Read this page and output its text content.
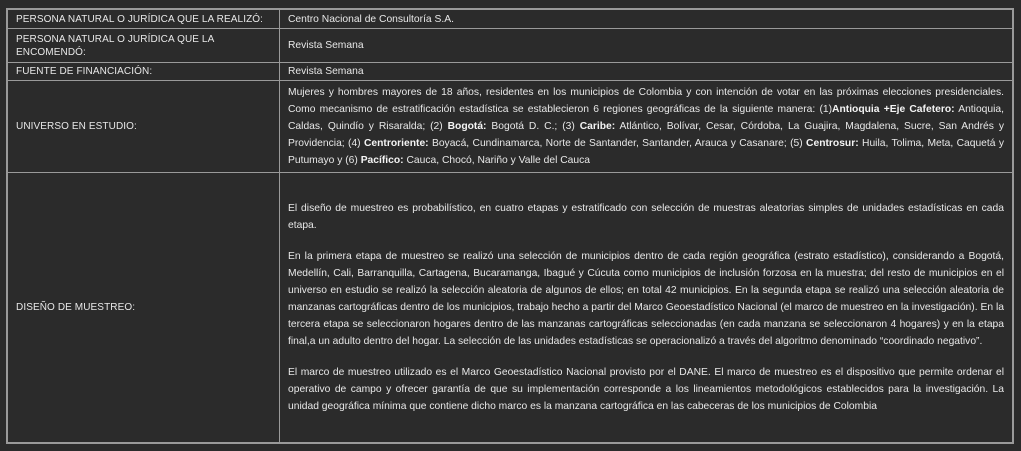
PERSONA NATURAL O JURÍDICA QUE LA REALIZÓ:	Centro Nacional de Consultoría S.A.
PERSONA NATURAL O JURÍDICA QUE LA ENCOMENDÓ:	Revista Semana
FUENTE DE FINANCIACIÓN:	Revista Semana
UNIVERSO EN ESTUDIO:	Mujeres y hombres mayores de 18 años, residentes en los municipios de Colombia y con intención de votar en las próximas elecciones presidenciales. Como mecanismo de estratificación estadística se establecieron 6 regiones geográficas de la siguiente manera: (1)Antioquia +Eje Cafetero: Antioquia, Caldas, Quindío y Risaralda; (2) Bogotá: Bogotá D. C.; (3) Caribe: Atlántico, Bolívar, Cesar, Córdoba, La Guajira, Magdalena, Sucre, San Andrés y Providencia; (4) Centroriente: Boyacá, Cundinamarca, Norte de Santander, Santander, Arauca y Casanare; (5) Centrosur: Huila, Tolima, Meta, Caquetá y Putumayo y (6) Pacífico: Cauca, Chocó, Nariño y Valle del Cauca
DISEÑO DE MUESTREO:	El diseño de muestreo es probabilístico, en cuatro etapas y estratificado con selección de muestras aleatorias simples de unidades estadísticas en cada etapa.

En la primera etapa de muestreo se realizó una selección de municipios dentro de cada región geográfica (estrato estadístico), considerando a Bogotá, Medellín, Cali, Barranquilla, Cartagena, Bucaramanga, Ibagué y Cúcuta como municipios de inclusión forzosa en la muestra; del resto de municipios en el universo en estudio se realizó la selección aleatoria de algunos de ellos; en total 42 municipios. En la segunda etapa se realizó una selección aleatoria de manzanas cartográficas dentro de los municipios, trabajo hecho a partir del Marco Geoestadístico Nacional (el marco de muestreo en la investigación). En la tercera etapa se seleccionaron hogares dentro de las manzanas cartográficas seleccionadas (en cada manzana se seleccionaron 4 hogares) y en la etapa final,a un adulto dentro del hogar. La selección de las unidades estadísticas se operacionalizó a través del algoritmo denominado “coordinado negativo”.

El marco de muestreo utilizado es el Marco Geoestadístico Nacional provisto por el DANE. El marco de muestreo es el dispositivo que permite ordenar el operativo de campo y ofrecer garantía de que su implementación corresponde a los lineamientos metodológicos establecidos para la investigación. La unidad geográfica mínima que contiene dicho marco es la manzana cartográfica en las cabeceras de los municipios de Colombia
